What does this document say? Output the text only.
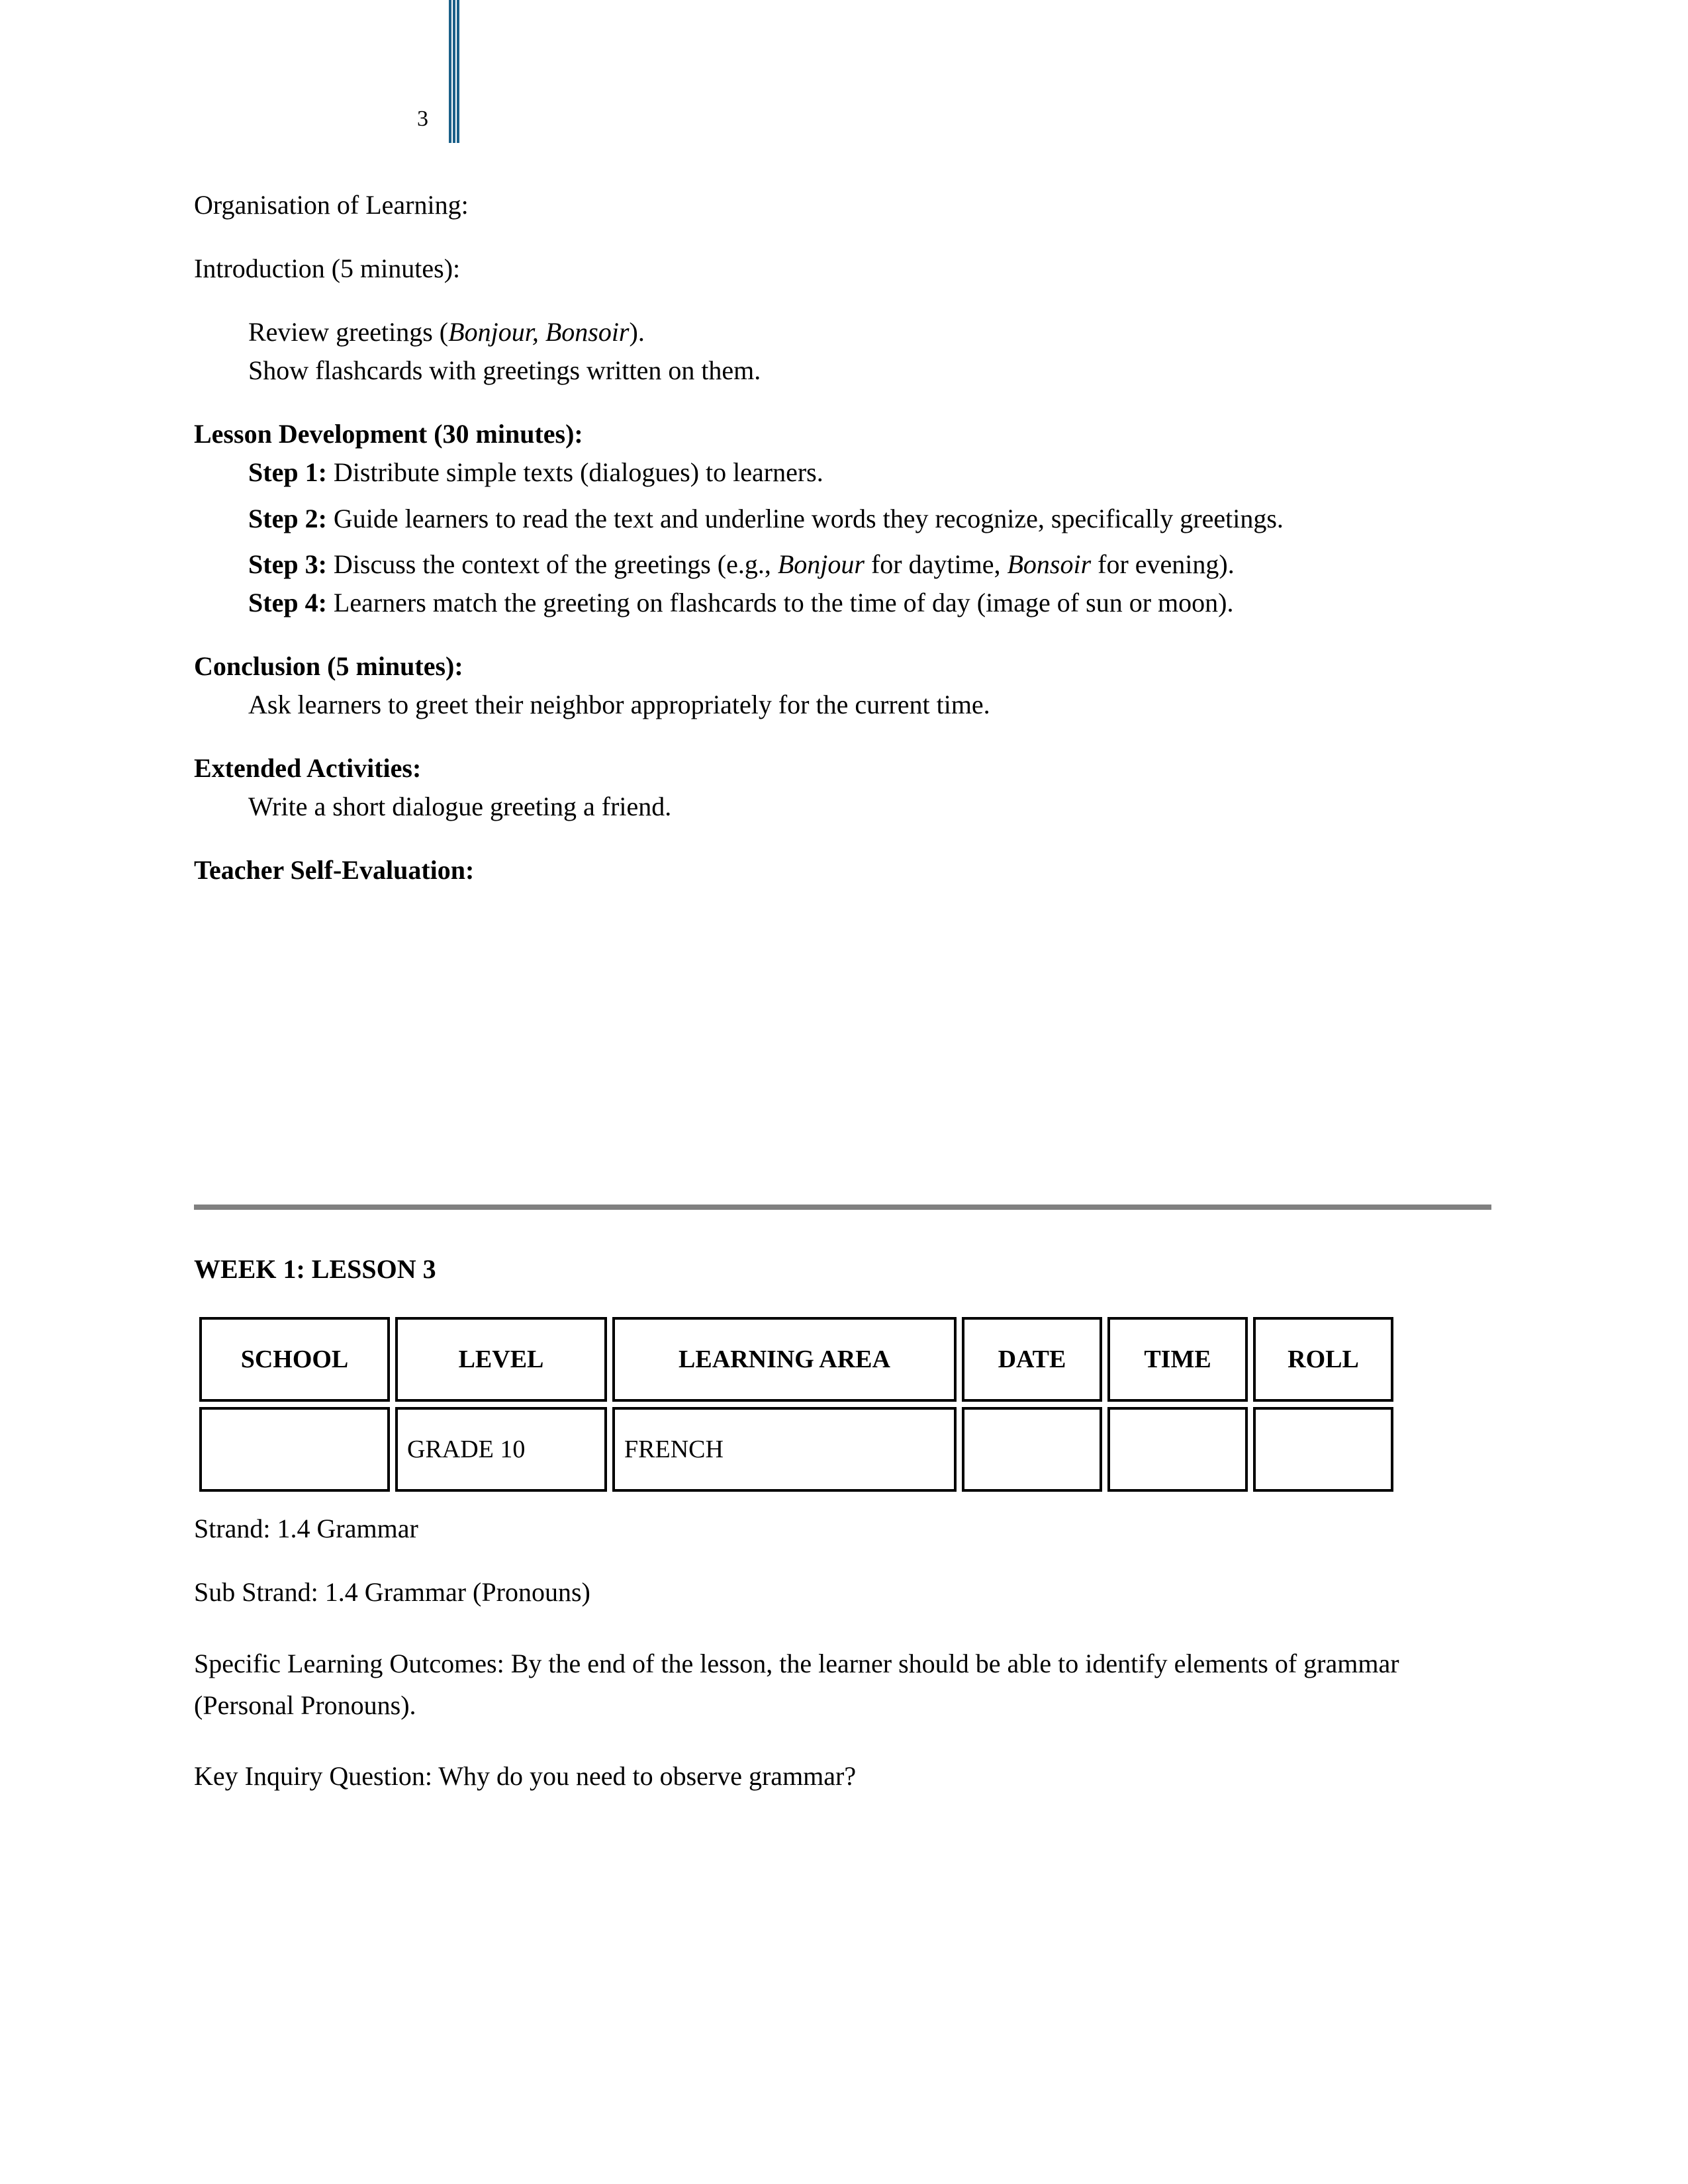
3

Organisation of Learning:

Introduction (5 minutes):

Review greetings (Bonjour, Bonsoir).

Show flashcards with greetings written on them.

Lesson Development (30 minutes):

Step 1: Distribute simple texts (dialogues) to learners.

Step 2: Guide learners to read the text and underline words they recognize, specifically greetings.

Step 3: Discuss the context of the greetings (e.g., Bonjour for daytime, Bonsoir for evening).

Step 4: Learners match the greeting on flashcards to the time of day (image of sun or moon).

Conclusion (5 minutes):

Ask learners to greet their neighbor appropriately for the current time.

Extended Activities:

Write a short dialogue greeting a friend.

Teacher Self-Evaluation:

WEEK 1: LESSON 3
SCHOOL	LEVEL	LEARNING AREA	DATE	TIME	ROLL
	GRADE 10	FRENCH			

Strand: 1.4 Grammar

Sub Strand: 1.4 Grammar (Pronouns)

Specific Learning Outcomes: By the end of the lesson, the learner should be able to identify elements of grammar (Personal Pronouns).

Key Inquiry Question: Why do you need to observe grammar?
